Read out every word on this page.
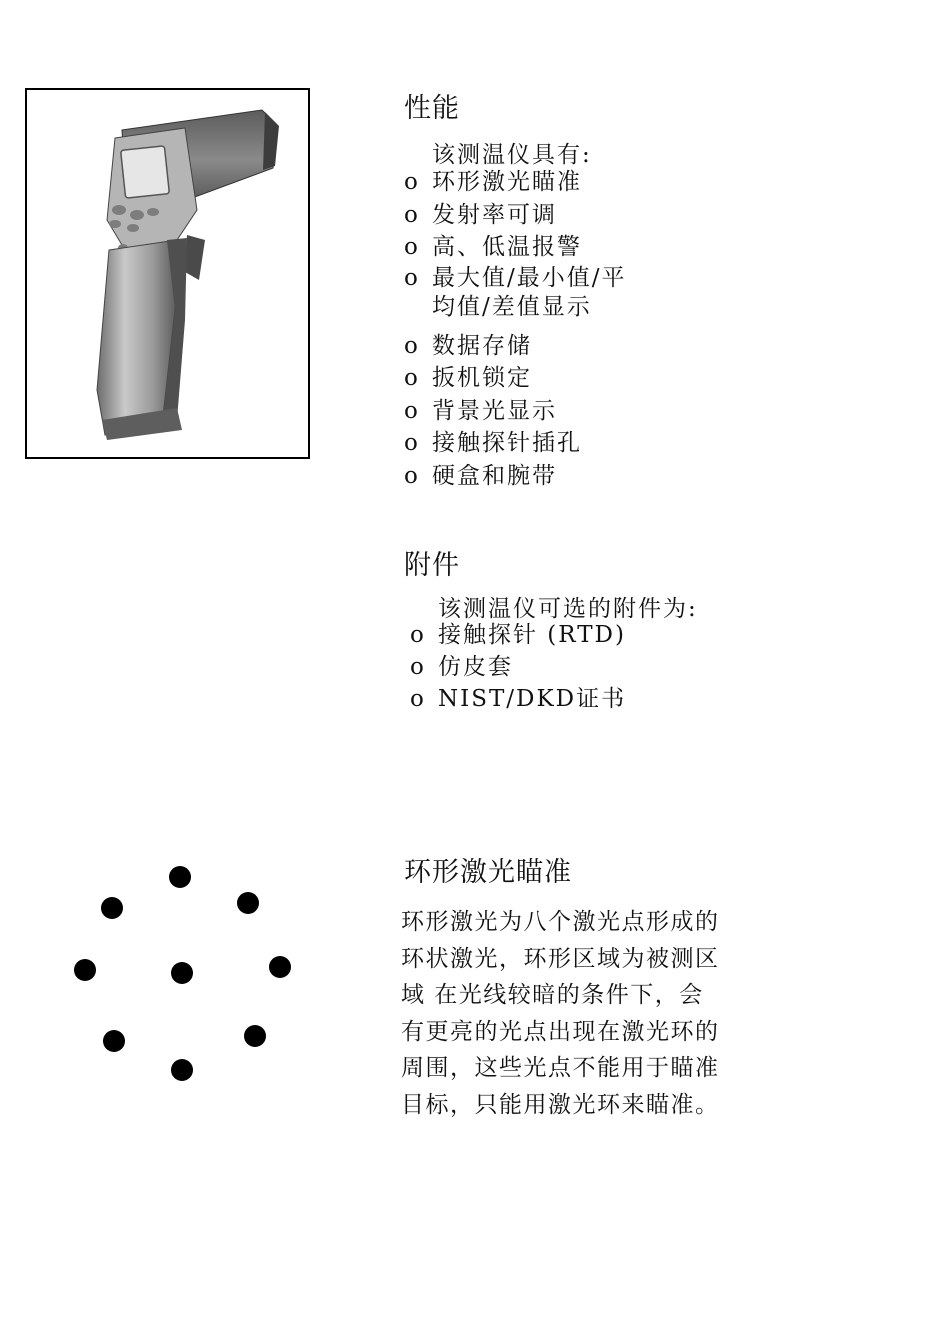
性能
该测温仪具有:
o 环形激光瞄准
o 发射率可调
o 高、低温报警
o 最大值/最小值/平
均值/差值显示
o 数据存储
o 扳机锁定
o 背景光显示
o 接触探针插孔
o 硬盒和腕带
附件
该测温仪可选的附件为:
o 接触探针 (RTD)
o 仿皮套
o NIST/DKD证书
环形激光瞄准
环形激光为八个激光点形成的
环状激光，环形区域为被测区
域 在光线较暗的条件下，会
有更亮的光点出现在激光环的
周围，这些光点不能用于瞄准
目标，只能用激光环来瞄准。
